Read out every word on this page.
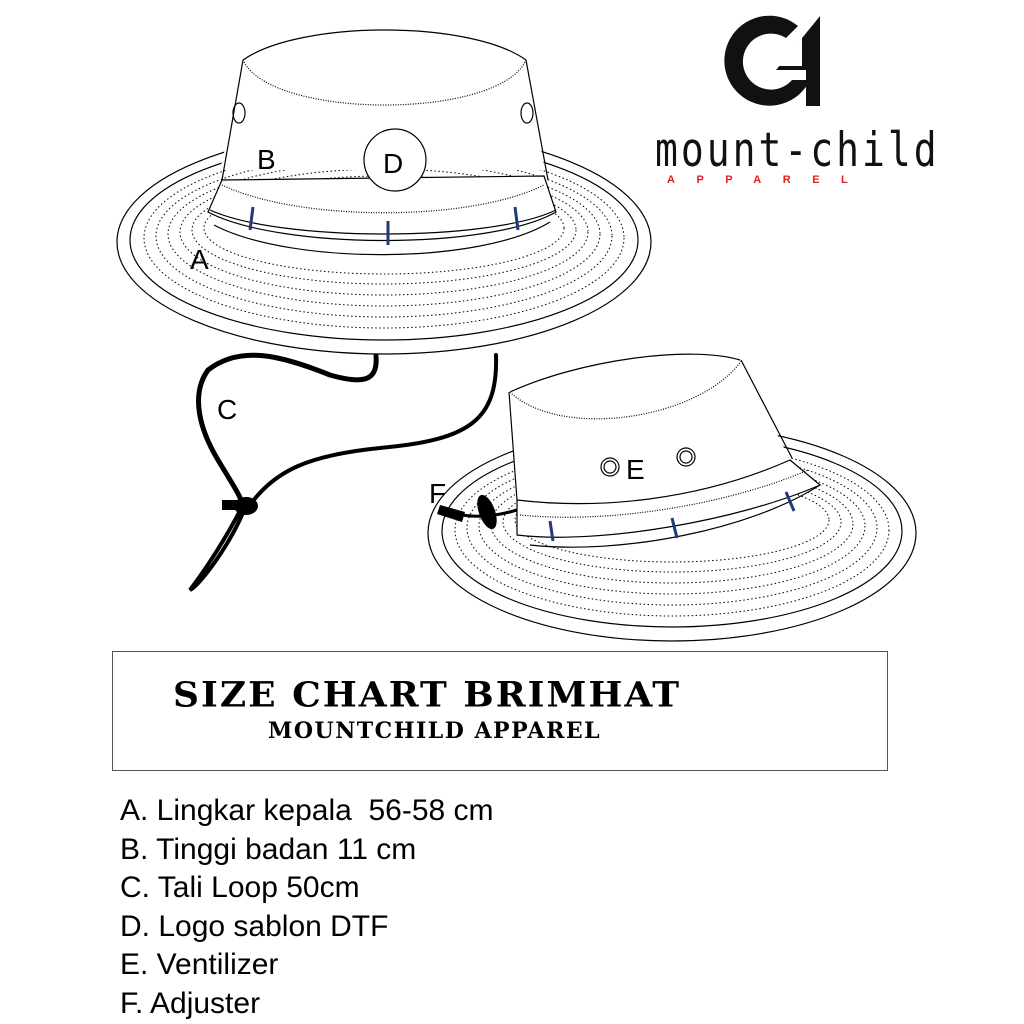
B	D
A
C
E
F
mount-child
APPAREL
SIZE CHART BRIMHAT
MOUNTCHILD APPAREL
A. Lingkar kepala  56-58 cm
B. Tinggi badan 11 cm
C. Tali Loop 50cm
D. Logo sablon DTF
E. Ventilizer
F. Adjuster
